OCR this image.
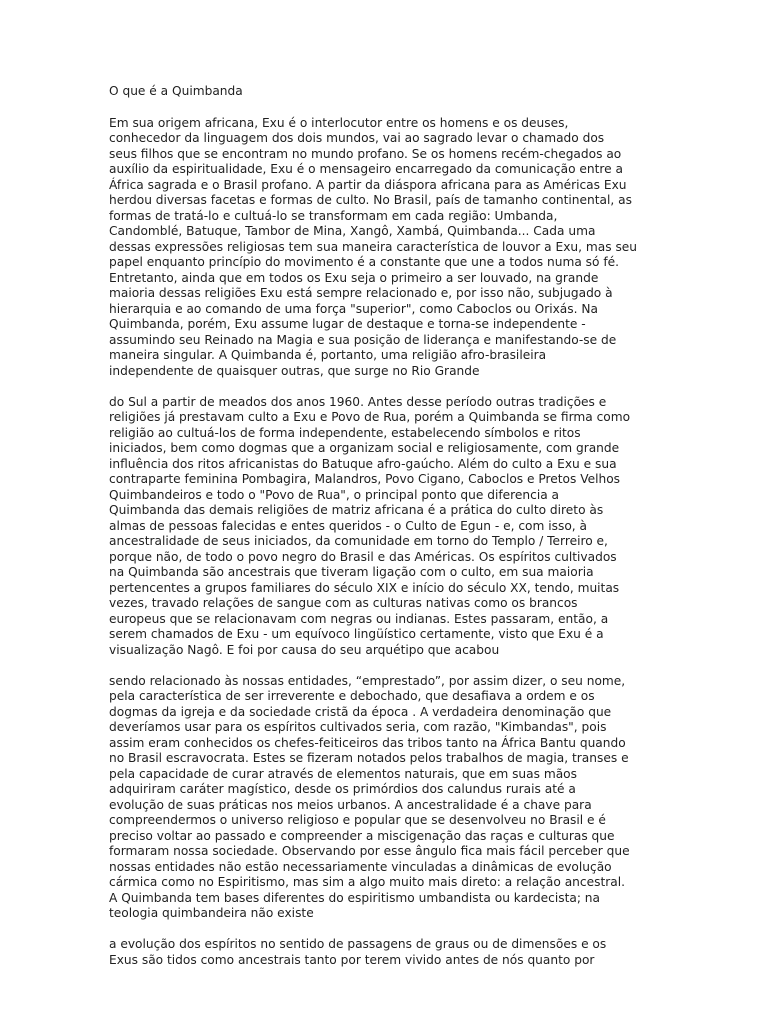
O que é a Quimbanda
Em sua origem africana, Exu é o interlocutor entre os homens e os deuses,
conhecedor da linguagem dos dois mundos, vai ao sagrado levar o chamado dos
seus filhos que se encontram no mundo profano. Se os homens recém-chegados ao
auxílio da espiritualidade, Exu é o mensageiro encarregado da comunicação entre a
África sagrada e o Brasil profano. A partir da diáspora africana para as Américas Exu
herdou diversas facetas e formas de culto. No Brasil, país de tamanho continental, as
formas de tratá-lo e cultuá-lo se transformam em cada região: Umbanda,
Candomblé, Batuque, Tambor de Mina, Xangô, Xambá, Quimbanda... Cada uma
dessas expressões religiosas tem sua maneira característica de louvor a Exu, mas seu
papel enquanto princípio do movimento é a constante que une a todos numa só fé.
Entretanto, ainda que em todos os Exu seja o primeiro a ser louvado, na grande
maioria dessas religiões Exu está sempre relacionado e, por isso não, subjugado à
hierarquia e ao comando de uma força "superior", como Caboclos ou Orixás. Na
Quimbanda, porém, Exu assume lugar de destaque e torna-se independente -
assumindo seu Reinado na Magia e sua posição de liderança e manifestando-se de
maneira singular. A Quimbanda é, portanto, uma religião afro-brasileira
independente de quaisquer outras, que surge no Rio Grande
do Sul a partir de meados dos anos 1960. Antes desse período outras tradições e
religiões já prestavam culto a Exu e Povo de Rua, porém a Quimbanda se firma como
religião ao cultuá-los de forma independente, estabelecendo símbolos e ritos
iniciados, bem como dogmas que a organizam social e religiosamente, com grande
influência dos ritos africanistas do Batuque afro-gaúcho. Além do culto a Exu e sua
contraparte feminina Pombagira, Malandros, Povo Cigano, Caboclos e Pretos Velhos
Quimbandeiros e todo o "Povo de Rua", o principal ponto que diferencia a
Quimbanda das demais religiões de matriz africana é a prática do culto direto às
almas de pessoas falecidas e entes queridos - o Culto de Egun - e, com isso, à
ancestralidade de seus iniciados, da comunidade em torno do Templo / Terreiro e,
porque não, de todo o povo negro do Brasil e das Américas. Os espíritos cultivados
na Quimbanda são ancestrais que tiveram ligação com o culto, em sua maioria
pertencentes a grupos familiares do século XIX e início do século XX, tendo, muitas
vezes, travado relações de sangue com as culturas nativas como os brancos
europeus que se relacionavam com negras ou indianas. Estes passaram, então, a
serem chamados de Exu - um equívoco lingüístico certamente, visto que Exu é a
visualização Nagô. E foi por causa do seu arquétipo que acabou
sendo relacionado às nossas entidades, “emprestado”, por assim dizer, o seu nome,
pela característica de ser irreverente e debochado, que desafiava a ordem e os
dogmas da igreja e da sociedade cristã da época . A verdadeira denominação que
deveríamos usar para os espíritos cultivados seria, com razão, "Kimbandas", pois
assim eram conhecidos os chefes-feiticeiros das tribos tanto na África Bantu quando
no Brasil escravocrata. Estes se fizeram notados pelos trabalhos de magia, transes e
pela capacidade de curar através de elementos naturais, que em suas mãos
adquiriram caráter magístico, desde os primórdios dos calundus rurais até a
evolução de suas práticas nos meios urbanos. A ancestralidade é a chave para
compreendermos o universo religioso e popular que se desenvolveu no Brasil e é
preciso voltar ao passado e compreender a miscigenação das raças e culturas que
formaram nossa sociedade. Observando por esse ângulo fica mais fácil perceber que
nossas entidades não estão necessariamente vinculadas a dinâmicas de evolução
cármica como no Espiritismo, mas sim a algo muito mais direto: a relação ancestral.
A Quimbanda tem bases diferentes do espiritismo umbandista ou kardecista; na
teologia quimbandeira não existe
a evolução dos espíritos no sentido de passagens de graus ou de dimensões e os
Exus são tidos como ancestrais tanto por terem vivido antes de nós quanto por
